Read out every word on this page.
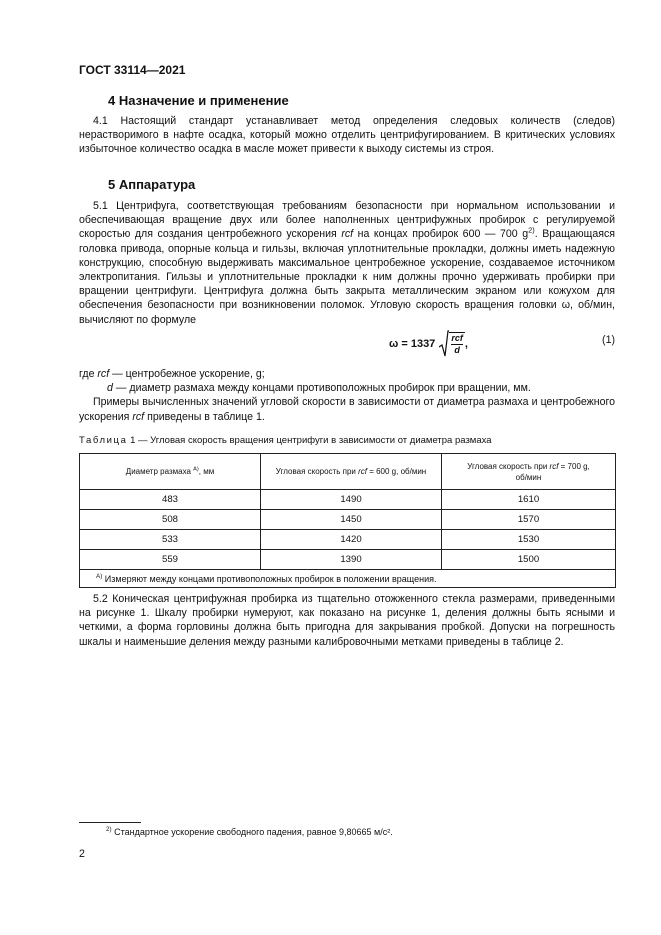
ГОСТ 33114—2021
4 Назначение и применение
4.1 Настоящий стандарт устанавливает метод определения следовых количеств (следов) нерастворимого в нафте осадка, который можно отделить центрифугированием. В критических условиях избыточное количество осадка в масле может привести к выходу системы из строя.
5 Аппаратура
5.1 Центрифуга, соответствующая требованиям безопасности при нормальном использовании и обеспечивающая вращение двух или более наполненных центрифужных пробирок с регулируемой скоростью для создания центробежного ускорения rcf на концах пробирок 600 — 700 $g^{2)}$. Вращающаяся головка привода, опорные кольца и гильзы, включая уплотнительные прокладки, должны иметь надежную конструкцию, способную выдерживать максимальное центробежное ускорение, создаваемое источником электропитания. Гильзы и уплотнительные прокладки к ним должны прочно удерживать пробирки при вращении центрифуги. Центрифуга должна быть закрыта металлическим экраном или кожухом для обеспечения безопасности при возникновении поломок. Угловую скорость вращения головки ω, об/мин, вычисляют по формуле
ω = 1337 rcf
d
,	(1)
где rcf — центробежное ускорение, g;
d — диаметр размаха между концами противоположных пробирок при вращении, мм.
Примеры вычисленных значений угловой скорости в зависимости от диаметра размаха и центробежного ускорения rcf приведены в таблице 1.
Таблица 1 — Угловая скорость вращения центрифуги в зависимости от диаметра размаха
Диаметр размаха $^{A)}$, мм	Угловая скорость при rcf = 600 g, об/мин	Угловая скорость при rcf = 700 g,
об/мин
483	1490	1610
508	1450	1570
533	1420	1530
559	1390	1500
$^{A)}$ Измеряют между концами противоположных пробирок в положении вращения.		
5.2 Коническая центрифужная пробирка из тщательно отожженного стекла размерами, приведенными на рисунке 1. Шкалу пробирки нумеруют, как показано на рисунке 1, деления должны быть ясными и четкими, а форма горловины должна быть пригодна для закрывания пробкой. Допуски на погрешность шкалы и наименьшие деления между разными калибровочными метками приведены в таблице 2.
$^{2)}$ Стандартное ускорение свободного падения, равное 9,80665 м/с².
2
